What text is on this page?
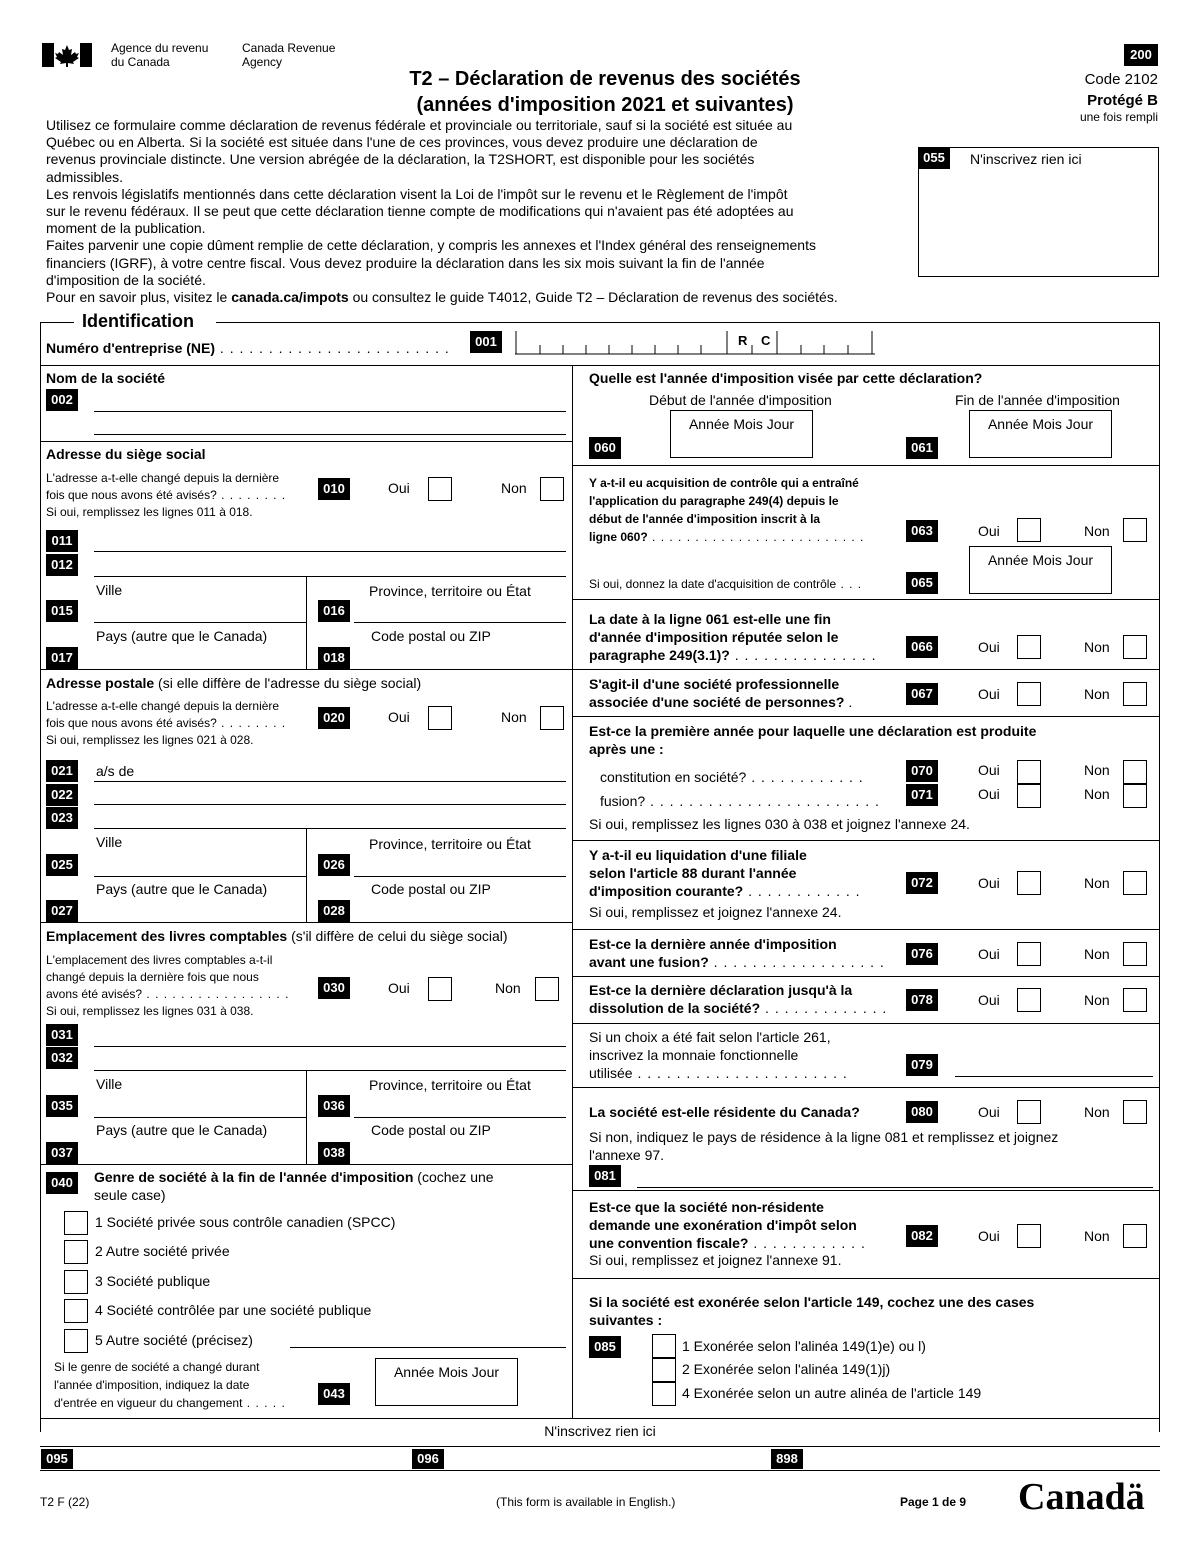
Agence du revenu
du Canada
Canada Revenue
Agency
T2 – Déclaration de revenus des sociétés
(années d'imposition 2021 et suivantes)
200
Code 2102
Protégé B
une fois rempli
055	N'inscrivez rien ici
Utilisez ce formulaire comme déclaration de revenus fédérale et provinciale ou territoriale, sauf si la société est située au
Québec ou en Alberta. Si la société est située dans l'une de ces provinces, vous devez produire une déclaration de
revenus provinciale distincte. Une version abrégée de la déclaration, la T2SHORT, est disponible pour les sociétés
admissibles.
Les renvois législatifs mentionnés dans cette déclaration visent la Loi de l'impôt sur le revenu et le Règlement de l'impôt
sur le revenu fédéraux. Il se peut que cette déclaration tienne compte de modifications qui n'avaient pas été adoptées au
moment de la publication.
Faites parvenir une copie dûment remplie de cette déclaration, y compris les annexes et l'Index général des renseignements
financiers (IGRF), à votre centre fiscal. Vous devez produire la déclaration dans les six mois suivant la fin de l'année
d'imposition de la société.
Pour en savoir plus, visitez le canada.ca/impots ou consultez le guide T4012, Guide T2 – Déclaration de revenus des sociétés.
Identification
Numéro d'entreprise (NE) . . . . . . . . . . . . . . . . . . . . . . . .	001	R C
Nom de la société
002
Adresse du siège social
L'adresse a-t-elle changé depuis la dernière
fois que nous avons été avisés? . . . . . . . .
Si oui, remplissez les lignes 011 à 018.
010	Oui	Non
011
012
Ville	Province, territoire ou État
015	016
Pays (autre que le Canada)	Code postal ou ZIP
017	018
Adresse postale (si elle diffère de l'adresse du siège social)
L'adresse a-t-elle changé depuis la dernière
fois que nous avons été avisés? . . . . . . . .
Si oui, remplissez les lignes 021 à 028.
020	Oui	Non
021	a/s de
022
023
Ville	Province, territoire ou État
025	026
Pays (autre que le Canada)	Code postal ou ZIP
027	028
Emplacement des livres comptables (s'il diffère de celui du siège social)
L'emplacement des livres comptables a-t-il
changé depuis la dernière fois que nous
avons été avisés? . . . . . . . . . . . . . . . . .
Si oui, remplissez les lignes 031 à 038.
030	Oui	Non
031
032
Ville	Province, territoire ou État
035	036
Pays (autre que le Canada)	Code postal ou ZIP
037	038
040	Genre de société à la fin de l'année d'imposition (cochez une
seule case)
1 Société privée sous contrôle canadien (SPCC)
2 Autre société privée
3 Société publique
4 Société contrôlée par une société publique
5 Autre société (précisez)
Si le genre de société a changé durant
l'année d'imposition, indiquez la date
d'entrée en vigueur du changement . . . . .
043
Année Mois Jour
Quelle est l'année d'imposition visée par cette déclaration?
Début de l'année d'imposition	Fin de l'année d'imposition
Année Mois Jour	Année Mois Jour
060	061
Y a-t-il eu acquisition de contrôle qui a entraîné
l'application du paragraphe 249(4) depuis le
début de l'année d'imposition inscrit à la
ligne 060? . . . . . . . . . . . . . . . . . . . . . . . . .	063	Oui	Non
Année Mois Jour
Si oui, donnez la date d'acquisition de contrôle . . .	065
La date à la ligne 061 est-elle une fin
d'année d'imposition réputée selon le
paragraphe 249(3.1)? . . . . . . . . . . . . . . .
066	Oui	Non
S'agit-il d'une société professionnelle
associée d'une société de personnes? .
067	Oui	Non
Est-ce la première année pour laquelle une déclaration est produite
après une :
constitution en société? . . . . . . . . . . . .	070	Oui	Non
fusion? . . . . . . . . . . . . . . . . . . . . . . . .	071	Oui	Non
Si oui, remplissez les lignes 030 à 038 et joignez l'annexe 24.
Y a-t-il eu liquidation d'une filiale
selon l'article 88 durant l'année
d'imposition courante? . . . . . . . . . . . .
072	Oui	Non
Si oui, remplissez et joignez l'annexe 24.
Est-ce la dernière année d'imposition
avant une fusion? . . . . . . . . . . . . . . . . . .
076	Oui	Non
Est-ce la dernière déclaration jusqu'à la
dissolution de la société? . . . . . . . . . . . . .
078	Oui	Non
Si un choix a été fait selon l'article 261,
inscrivez la monnaie fonctionnelle
utilisée . . . . . . . . . . . . . . . . . . . . . .
079
La société est-elle résidente du Canada?	080	Oui	Non
Si non, indiquez le pays de résidence à la ligne 081 et remplissez et joignez
l'annexe 97.
081
Est-ce que la société non-résidente
demande une exonération d'impôt selon
une convention fiscale? . . . . . . . . . . . .
Si oui, remplissez et joignez l'annexe 91.
082	Oui	Non
Si la société est exonérée selon l'article 149, cochez une des cases
suivantes :
085	1 Exonérée selon l'alinéa 149(1)e) ou l)
2 Exonérée selon l'alinéa 149(1)j)
4 Exonérée selon un autre alinéa de l'article 149
N'inscrivez rien ici
095	096	898
T2 F (22)	(This form is available in English.)	Page 1 de 9 Canadä
